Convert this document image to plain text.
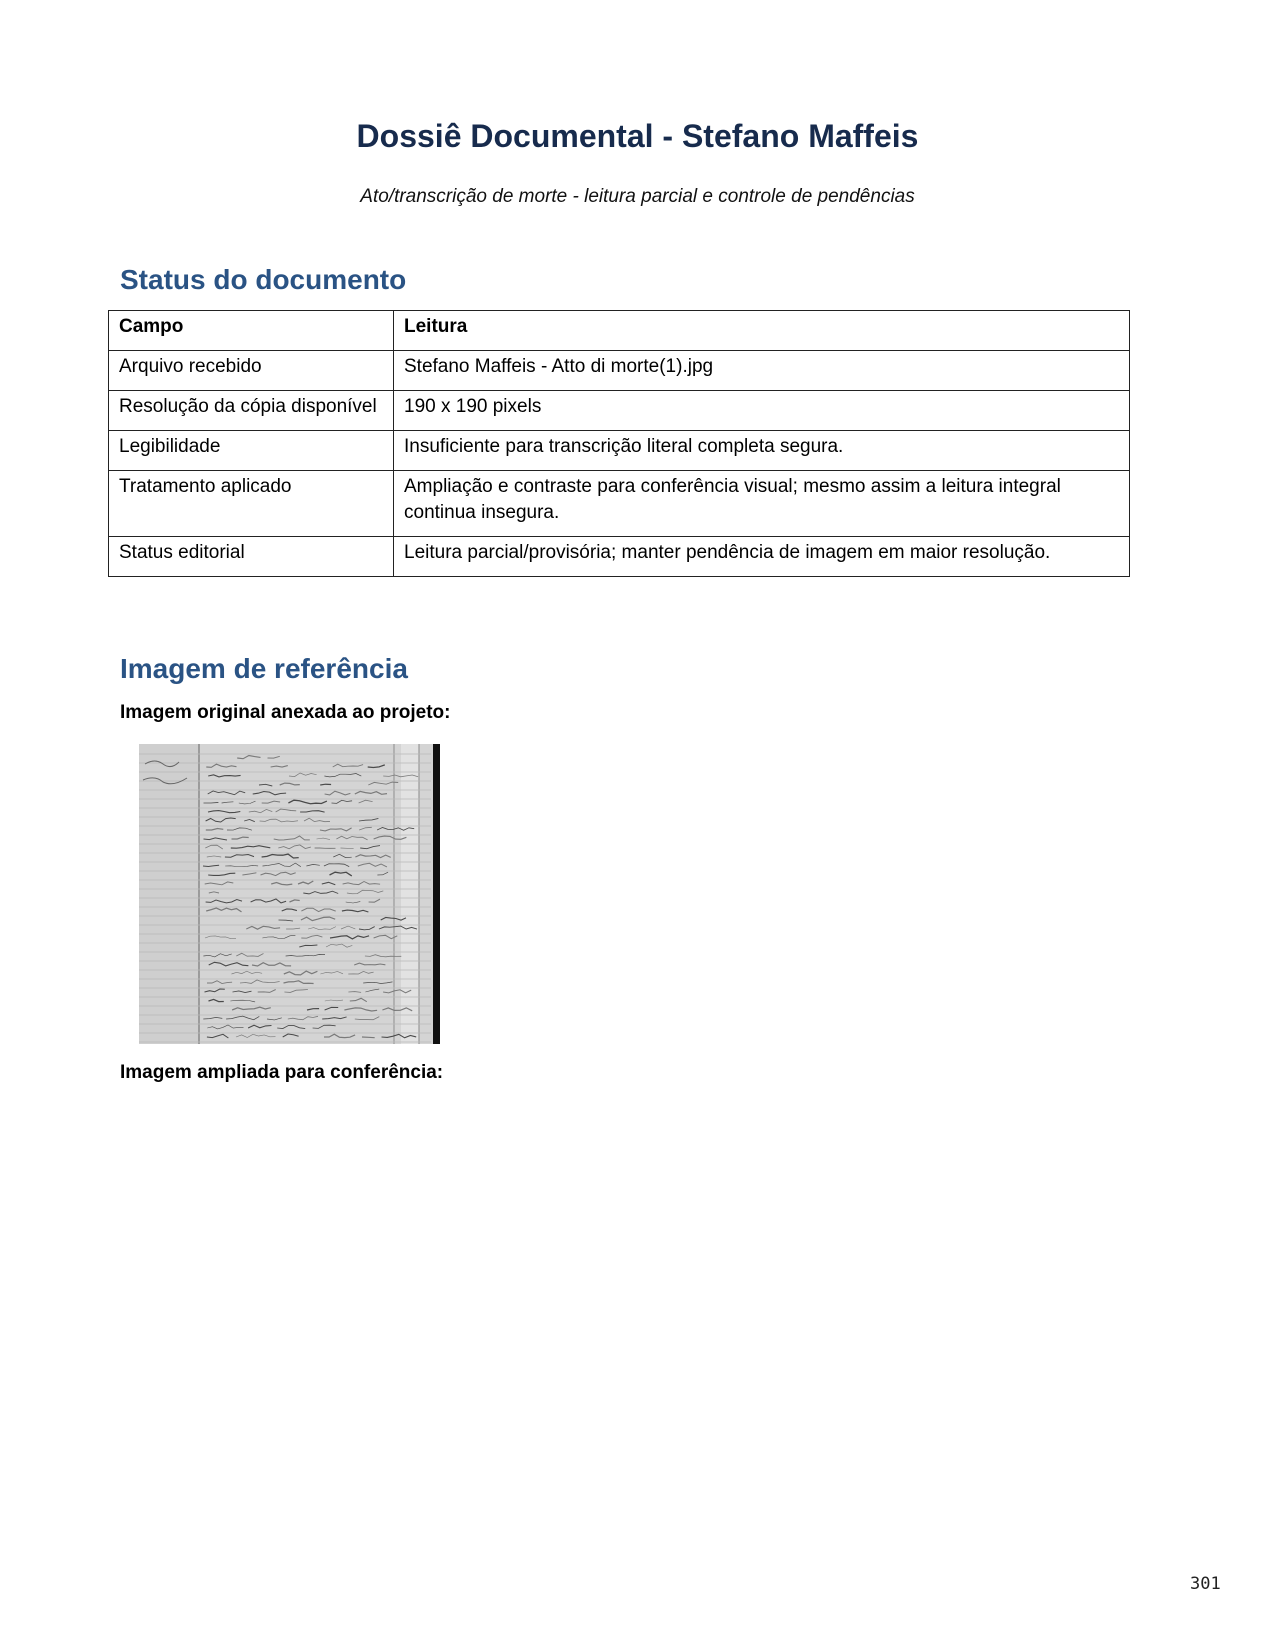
Dossiê Documental - Stefano Maffeis

Ato/transcrição de morte - leitura parcial e controle de pendências

Status do documento
Campo	Leitura
Arquivo recebido	Stefano Maffeis - Atto di morte(1).jpg
Resolução da cópia disponível	190 x 190 pixels
Legibilidade	Insuficiente para transcrição literal completa segura.
Tratamento aplicado	Ampliação e contraste para conferência visual; mesmo assim a leitura integral continua insegura.
Status editorial	Leitura parcial/provisória; manter pendência de imagem em maior resolução.
Imagem de referência

Imagem original anexada ao projeto:

Imagem ampliada para conferência:

301
